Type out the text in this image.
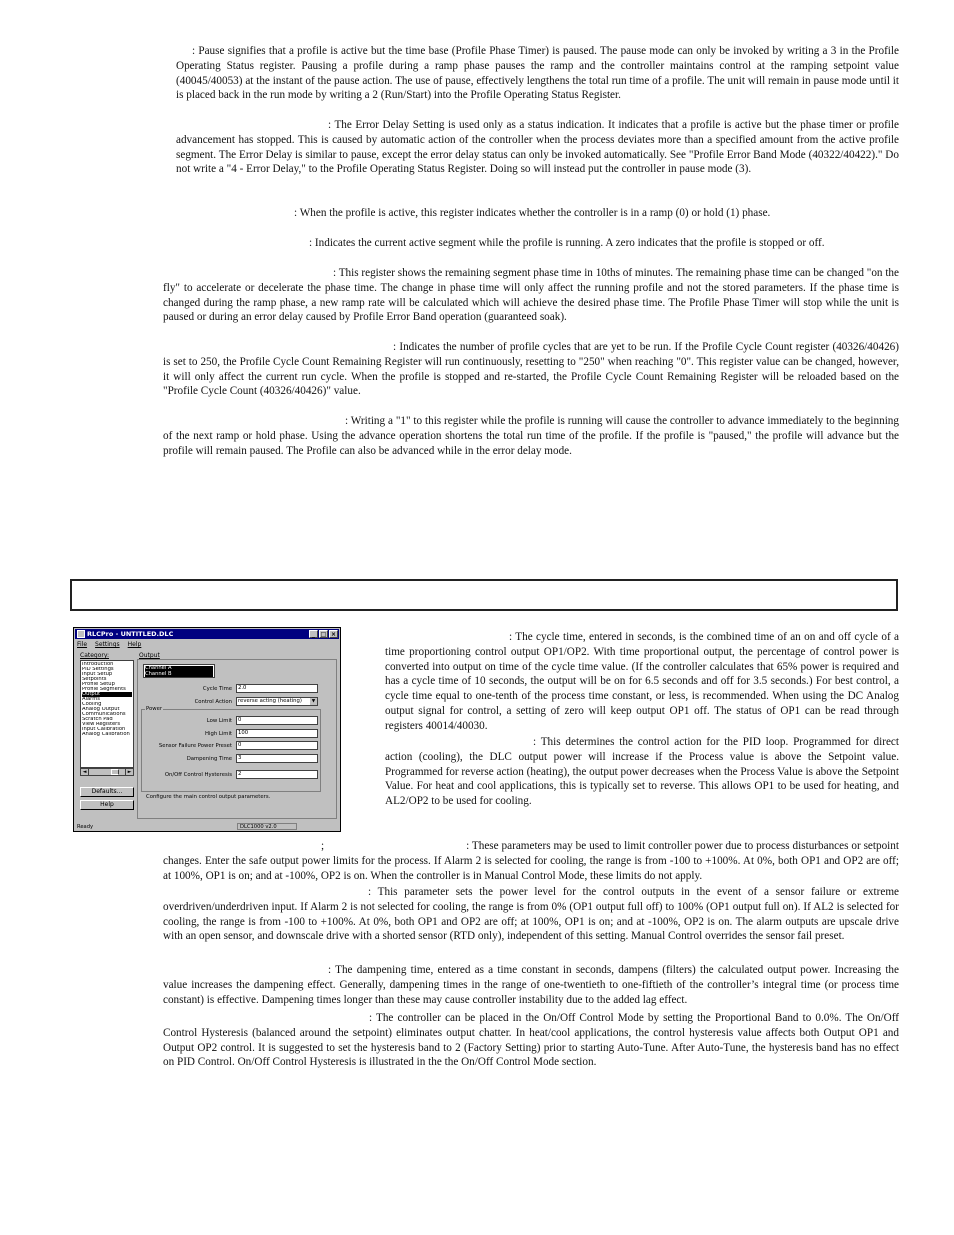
: Pause signifies that a profile is active but the time base (Profile Phase Timer) is paused. The pause mode can only be invoked by writing a 3 in the Profile Operating Status register. Pausing a profile during a ramp phase pauses the ramp and the controller maintains control at the ramping setpoint value (40045/40053) at the instant of the pause action. The use of pause, effectively lengthens the total run time of a profile. The unit will remain in pause mode until it is placed back in the run mode by writing a 2 (Run/Start) into the Profile Operating Status Register.

: The Error Delay Setting is used only as a status indication. It indicates that a profile is active but the phase timer or profile advancement has stopped. This is caused by automatic action of the controller when the process deviates more than a specified amount from the active profile segment. The Error Delay is similar to pause, except the error delay status can only be invoked automatically. See "Profile Error Band Mode (40322/40422)." Do not write a "4 - Error Delay," to the Profile Operating Status Register. Doing so will instead put the controller in pause mode (3).

: When the profile is active, this register indicates whether the controller is in a ramp (0) or hold (1) phase.

: Indicates the current active segment while the profile is running. A zero indicates that the profile is stopped or off.

: This register shows the remaining segment phase time in 10ths of minutes. The remaining phase time can be changed "on the fly" to accelerate or decelerate the phase time. The change in phase time will only affect the running profile and not the stored parameters. If the phase time is changed during the ramp phase, a new ramp rate will be calculated which will achieve the desired phase time. The Profile Phase Timer will stop while the unit is paused or during an error delay caused by Profile Error Band operation (guaranteed soak).

: Indicates the number of profile cycles that are yet to be run. If the Profile Cycle Count register (40326/40426) is set to 250, the Profile Cycle Count Remaining Register will run continuously, resetting to "250" when reaching "0". This register value can be changed, however, it will only affect the current run cycle. When the profile is stopped and re-started, the Profile Cycle Count Remaining Register will be reloaded based on the "Profile Cycle Count (40326/40426)" value.

: Writing a "1" to this register while the profile is running will cause the controller to advance immediately to the beginning of the next ramp or hold phase. Using the advance operation shortens the total run time of the profile. If the profile is "paused," the profile will advance but the profile will remain paused. The Profile can also be advanced while in the error delay mode.

RLCPro - UNTITLED.DLC	_ □ ×
File Settings Help
Category:
Introduction
PID Settings
Input Setup
Setpoints
Profile Setup
Profile Segments
Output
Alarms
Cooling
Analog Output
Communications
Scratch Pad
View Registers
Input Calibration
Analog Calibration
◄	►
Defaults...
Help
Output
Channel A
Channel B
Cycle Time	2.0
Control Action	reverse acting (heating)	▼
Power
Low Limit	0
High Limit	100
Sensor Failure Power Preset	0
Dampening Time	3
On/Off Control Hysteresis	2
Configure the main control output parameters.
Ready	DLC1000 v2.0

: The cycle time, entered in seconds, is the combined time of an on and off cycle of a time proportioning control output OP1/OP2. With time proportional output, the percentage of control power is converted into output on time of the cycle time value. (If the controller calculates that 65% power is required and has a cycle time of 10 seconds, the output will be on for 6.5 seconds and off for 3.5 seconds.) For best control, a cycle time equal to one-tenth of the process time constant, or less, is recommended. When using the DC Analog output signal for control, a setting of zero will keep output OP1 off. The status of OP1 can be read through registers 40014/40030.

: This determines the control action for the PID loop. Programmed for direct action (cooling), the DLC output power will increase if the Process value is above the Setpoint value. Programmed for reverse action (heating), the output power decreases when the Process Value is above the Setpoint Value. For heat and cool applications, this is typically set to reverse. This allows OP1 to be used for heating, and AL2/OP2 to be used for cooling.

;	: These parameters may be used to limit controller power due to process disturbances or setpoint changes. Enter the safe output power limits for the process. If Alarm 2 is selected for cooling, the range is from -100 to +100%. At 0%, both OP1 and OP2 are off; at 100%, OP1 is on; and at -100%, OP2 is on. When the controller is in Manual Control Mode, these limits do not apply.

: This parameter sets the power level for the control outputs in the event of a sensor failure or extreme overdriven/underdriven input. If Alarm 2 is not selected for cooling, the range is from 0% (OP1 output full off) to 100% (OP1 output full on). If AL2 is selected for cooling, the range is from -100 to +100%. At 0%, both OP1 and OP2 are off; at 100%, OP1 is on; and at -100%, OP2 is on. The alarm outputs are upscale drive with an open sensor, and downscale drive with a shorted sensor (RTD only), independent of this setting. Manual Control overrides the sensor fail preset.

: The dampening time, entered as a time constant in seconds, dampens (filters) the calculated output power. Increasing the value increases the dampening effect. Generally, dampening times in the range of one-twentieth to one-fiftieth of the controller’s integral time (or process time constant) is effective. Dampening times longer than these may cause controller instability due to the added lag effect.

: The controller can be placed in the On/Off Control Mode by setting the Proportional Band to 0.0%. The On/Off Control Hysteresis (balanced around the setpoint) eliminates output chatter. In heat/cool applications, the control hysteresis value affects both Output OP1 and Output OP2 control. It is suggested to set the hysteresis band to 2 (Factory Setting) prior to starting Auto-Tune. After Auto-Tune, the hysteresis band has no effect on PID Control. On/Off Control Hysteresis is illustrated in the the On/Off Control Mode section.
